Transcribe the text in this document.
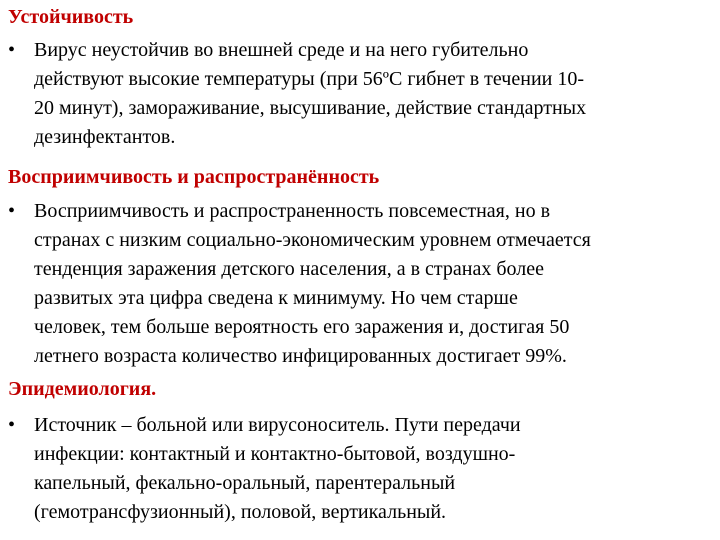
Устойчивость
• Вирус неустойчив во внешней среде и на него губительно
действуют высокие температуры (при 56ºС гибнет в течении 10-
20 минут), замораживание, высушивание, действие стандартных
дезинфектантов.
Восприимчивость и распространённость
• Восприимчивость и распространенность повсеместная, но в
странах с низким социально-экономическим уровнем отмечается
тенденция заражения детского населения, а в странах более
развитых эта цифра сведена к минимуму. Но чем старше
человек, тем больше вероятность его заражения и, достигая 50
летнего возраста количество инфицированных достигает 99%.
Эпидемиология.
• Источник – больной или вирусоноситель. Пути передачи
инфекции: контактный и контактно-бытовой, воздушно-
капельный, фекально-оральный, парентеральный
(гемотрансфузионный), половой, вертикальный.
